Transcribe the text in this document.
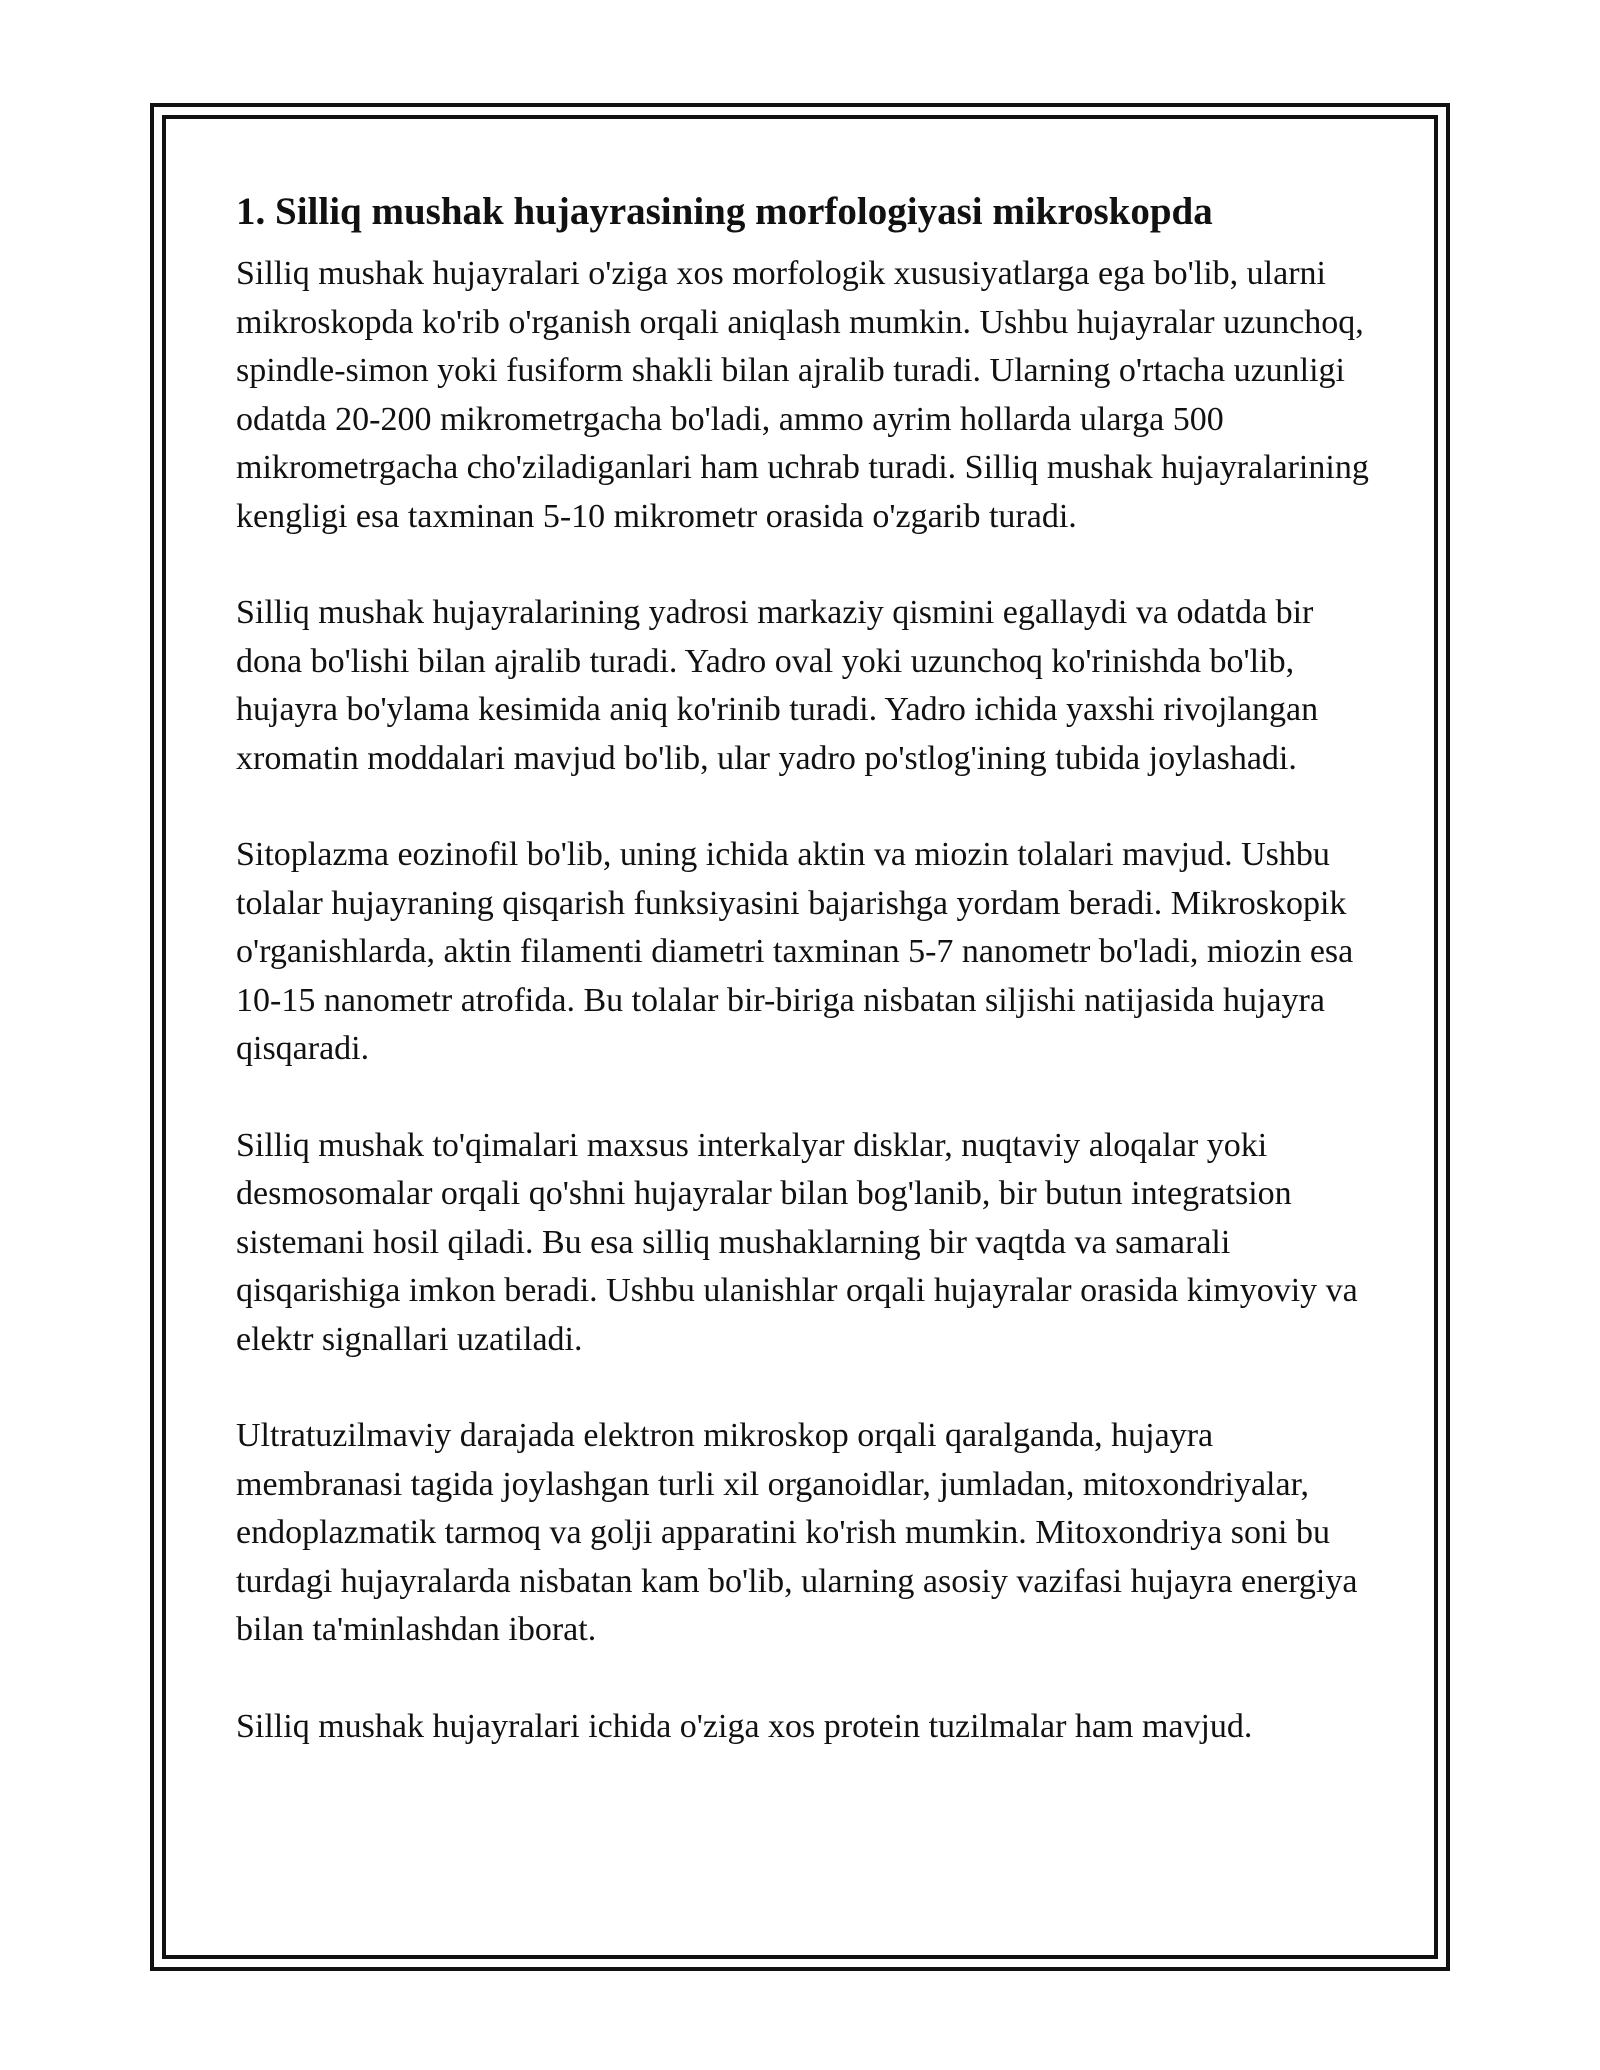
1. Silliq mushak hujayrasining morfologiyasi mikroskopda

Silliq mushak hujayralari o'ziga xos morfologik xususiyatlarga ega bo'lib, ularni mikroskopda ko'rib o'rganish orqali aniqlash mumkin. Ushbu hujayralar uzunchoq, spindle-simon yoki fusiform shakli bilan ajralib turadi. Ularning o'rtacha uzunligi odatda 20-200 mikrometrgacha bo'ladi, ammo ayrim hollarda ularga 500 mikrometrgacha cho'ziladiganlari ham uchrab turadi. Silliq mushak hujayralarining kengligi esa taxminan 5-10 mikrometr orasida o'zgarib turadi.

Silliq mushak hujayralarining yadrosi markaziy qismini egallaydi va odatda bir dona bo'lishi bilan ajralib turadi. Yadro oval yoki uzunchoq ko'rinishda bo'lib, hujayra bo'ylama kesimida aniq ko'rinib turadi. Yadro ichida yaxshi rivojlangan xromatin moddalari mavjud bo'lib, ular yadro po'stlog'ining tubida joylashadi.

Sitoplazma eozinofil bo'lib, uning ichida aktin va miozin tolalari mavjud. Ushbu tolalar hujayraning qisqarish funksiyasini bajarishga yordam beradi. Mikroskopik o'rganishlarda, aktin filamenti diametri taxminan 5-7 nanometr bo'ladi, miozin esa 10-15 nanometr atrofida. Bu tolalar bir-biriga nisbatan siljishi natijasida hujayra qisqaradi.

Silliq mushak to'qimalari maxsus interkalyar disklar, nuqtaviy aloqalar yoki desmosomalar orqali qo'shni hujayralar bilan bog'lanib, bir butun integratsion sistemani hosil qiladi. Bu esa silliq mushaklarning bir vaqtda va samarali qisqarishiga imkon beradi. Ushbu ulanishlar orqali hujayralar orasida kimyoviy va elektr signallari uzatiladi.

Ultratuzilmaviy darajada elektron mikroskop orqali qaralganda, hujayra membranasi tagida joylashgan turli xil organoidlar, jumladan, mitoxondriyalar, endoplazmatik tarmoq va golji apparatini ko'rish mumkin. Mitoxondriya soni bu turdagi hujayralarda nisbatan kam bo'lib, ularning asosiy vazifasi hujayra energiya bilan ta'minlashdan iborat.

Silliq mushak hujayralari ichida o'ziga xos protein tuzilmalar ham mavjud.
